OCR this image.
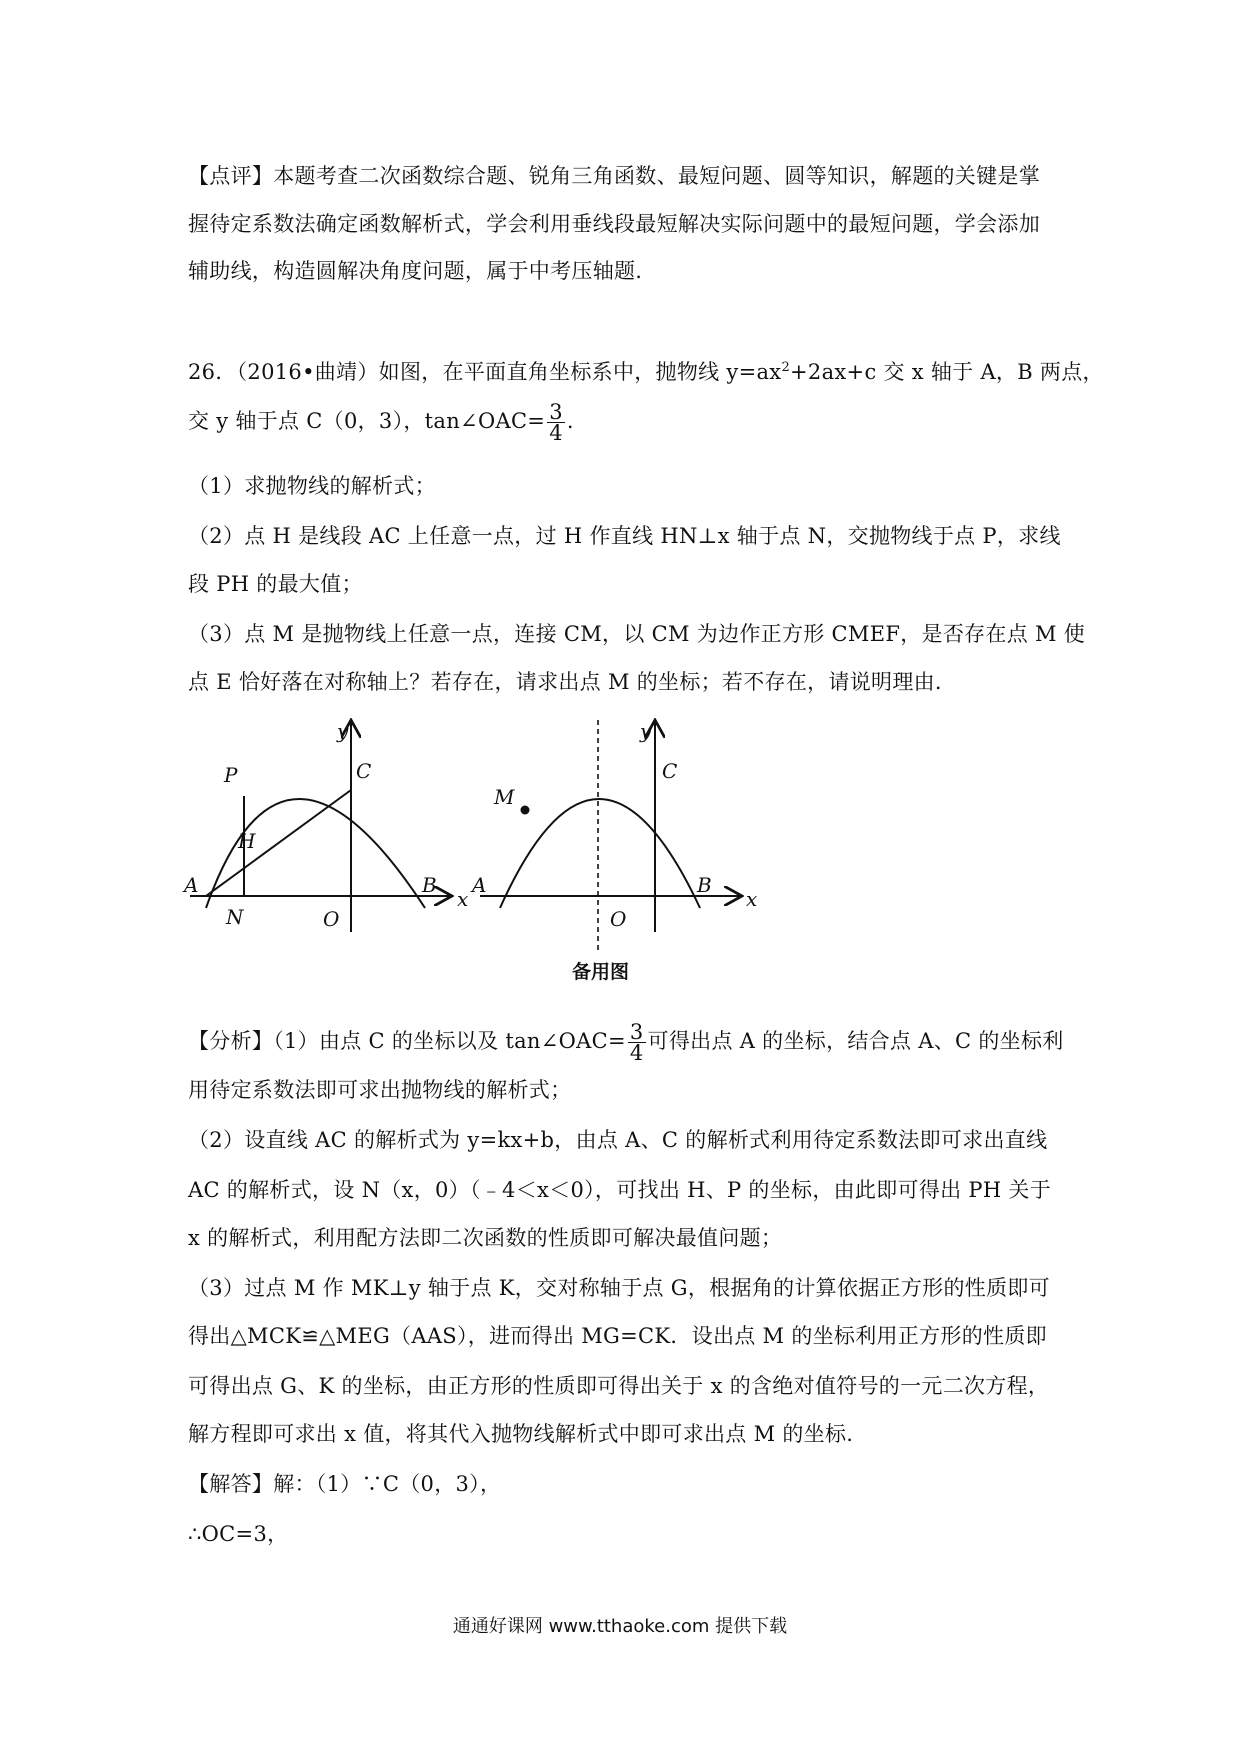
【点评】本题考查二次函数综合题、锐角三角函数、最短问题、圆等知识，解题的关键是掌
握待定系数法确定函数解析式，学会利用垂线段最短解决实际问题中的最短问题，学会添加
辅助线，构造圆解决角度问题，属于中考压轴题.
26．（2016•曲靖）如图，在平面直角坐标系中，抛物线 $y=ax^2+2ax+c$ 交 x 轴于 A，B 两点，
交 y 轴于点 C（0，3），tan∠OAC= $\frac{3}{4}$ .
（1）求抛物线的解析式；
（2）点 H 是线段 AC 上任意一点，过 H 作直线 HN⊥x 轴于点 N，交抛物线于点 P，求线
段 PH 的最大值；
（3）点 M 是抛物线上任意一点，连接 CM，以 CM 为边作正方形 CMEF，是否存在点 M 使
点 E 恰好落在对称轴上？若存在，请求出点 M 的坐标；若不存在，请说明理由.
y
x
C
P
H
A	B
N	O
y
x
C
M
A	B
O
备用图
【分析】（1）由点 C 的坐标以及 tan∠OAC= $\frac{3}{4}$ 可得出点 A 的坐标，结合点 A、C 的坐标利
用待定系数法即可求出抛物线的解析式；
（2）设直线 AC 的解析式为 y=kx+b，由点 A、C 的解析式利用待定系数法即可求出直线
AC 的解析式，设 N（x，0）（﹣4＜x＜0），可找出 H、P 的坐标，由此即可得出 PH 关于
x 的解析式，利用配方法即二次函数的性质即可解决最值问题；
（3）过点 M 作 MK⊥y 轴于点 K，交对称轴于点 G，根据角的计算依据正方形的性质即可
得出△MCK≌△MEG（AAS），进而得出 MG=CK．设出点 M 的坐标利用正方形的性质即
可得出点 G、K 的坐标，由正方形的性质即可得出关于 x 的含绝对值符号的一元二次方程，
解方程即可求出 x 值，将其代入抛物线解析式中即可求出点 M 的坐标.
【解答】解：（1）∵C（0，3），
∴OC=3，
通通好课网 www.tthaoke.com 提供下载
